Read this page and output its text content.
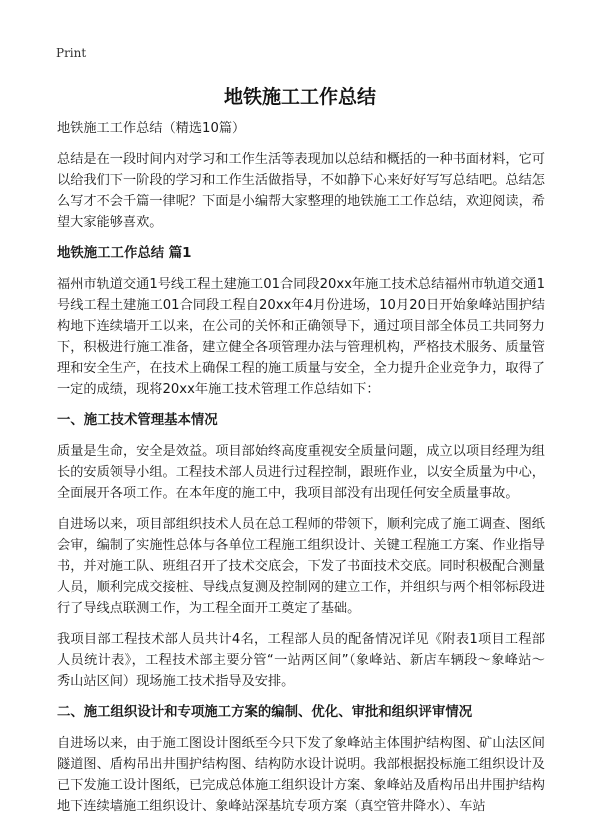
Print
地铁施工工作总结

地铁施工工作总结（精选10篇）

总结是在一段时间内对学习和工作生活等表现加以总结和概括的一种书面材料，它可以给我们下一阶段的学习和工作生活做指导，不如静下心来好好写写总结吧。总结怎么写才不会千篇一律呢？下面是小编帮大家整理的地铁施工工作总结，欢迎阅读，希望大家能够喜欢。

地铁施工工作总结 篇1

福州市轨道交通1号线工程土建施工01合同段20xx年施工技术总结福州市轨道交通1号线工程土建施工01合同段工程自20xx年4月份进场，10月20日开始象峰站围护结构地下连续墙开工以来，在公司的关怀和正确领导下，通过项目部全体员工共同努力下，积极进行施工准备，建立健全各项管理办法与管理机构，严格技术服务、质量管理和安全生产，在技术上确保工程的施工质量与安全，全力提升企业竞争力，取得了一定的成绩，现将20xx年施工技术管理工作总结如下：

一、施工技术管理基本情况

质量是生命，安全是效益。项目部始终高度重视安全质量问题，成立以项目经理为组长的安质领导小组。工程技术部人员进行过程控制，跟班作业，以安全质量为中心，全面展开各项工作。在本年度的施工中，我项目部没有出现任何安全质量事故。

自进场以来，项目部组织技术人员在总工程师的带领下，顺利完成了施工调查、图纸会审，编制了实施性总体与各单位工程施工组织设计、关键工程施工方案、作业指导书，并对施工队、班组召开了技术交底会，下发了书面技术交底。同时积极配合测量人员，顺利完成交接桩、导线点复测及控制网的建立工作，并组织与两个相邻标段进行了导线点联测工作，为工程全面开工奠定了基础。

我项目部工程技术部人员共计4名，工程部人员的配备情况详见《附表1项目工程部人员统计表》，工程技术部主要分管“一站两区间”（象峰站、新店车辆段～象峰站～秀山站区间）现场施工技术指导及安排。

二、施工组织设计和专项施工方案的编制、优化、审批和组织评审情况

自进场以来，由于施工图设计图纸至今只下发了象峰站主体围护结构图、矿山法区间隧道图、盾构吊出井围护结构图、结构防水设计说明。我部根据投标施工组织设计及已下发施工设计图纸，已完成总体施工组织设计方案、象峰站及盾构吊出井围护结构地下连续墙施工组织设计、象峰站深基坑专项方案（真空管井降水）、车站
